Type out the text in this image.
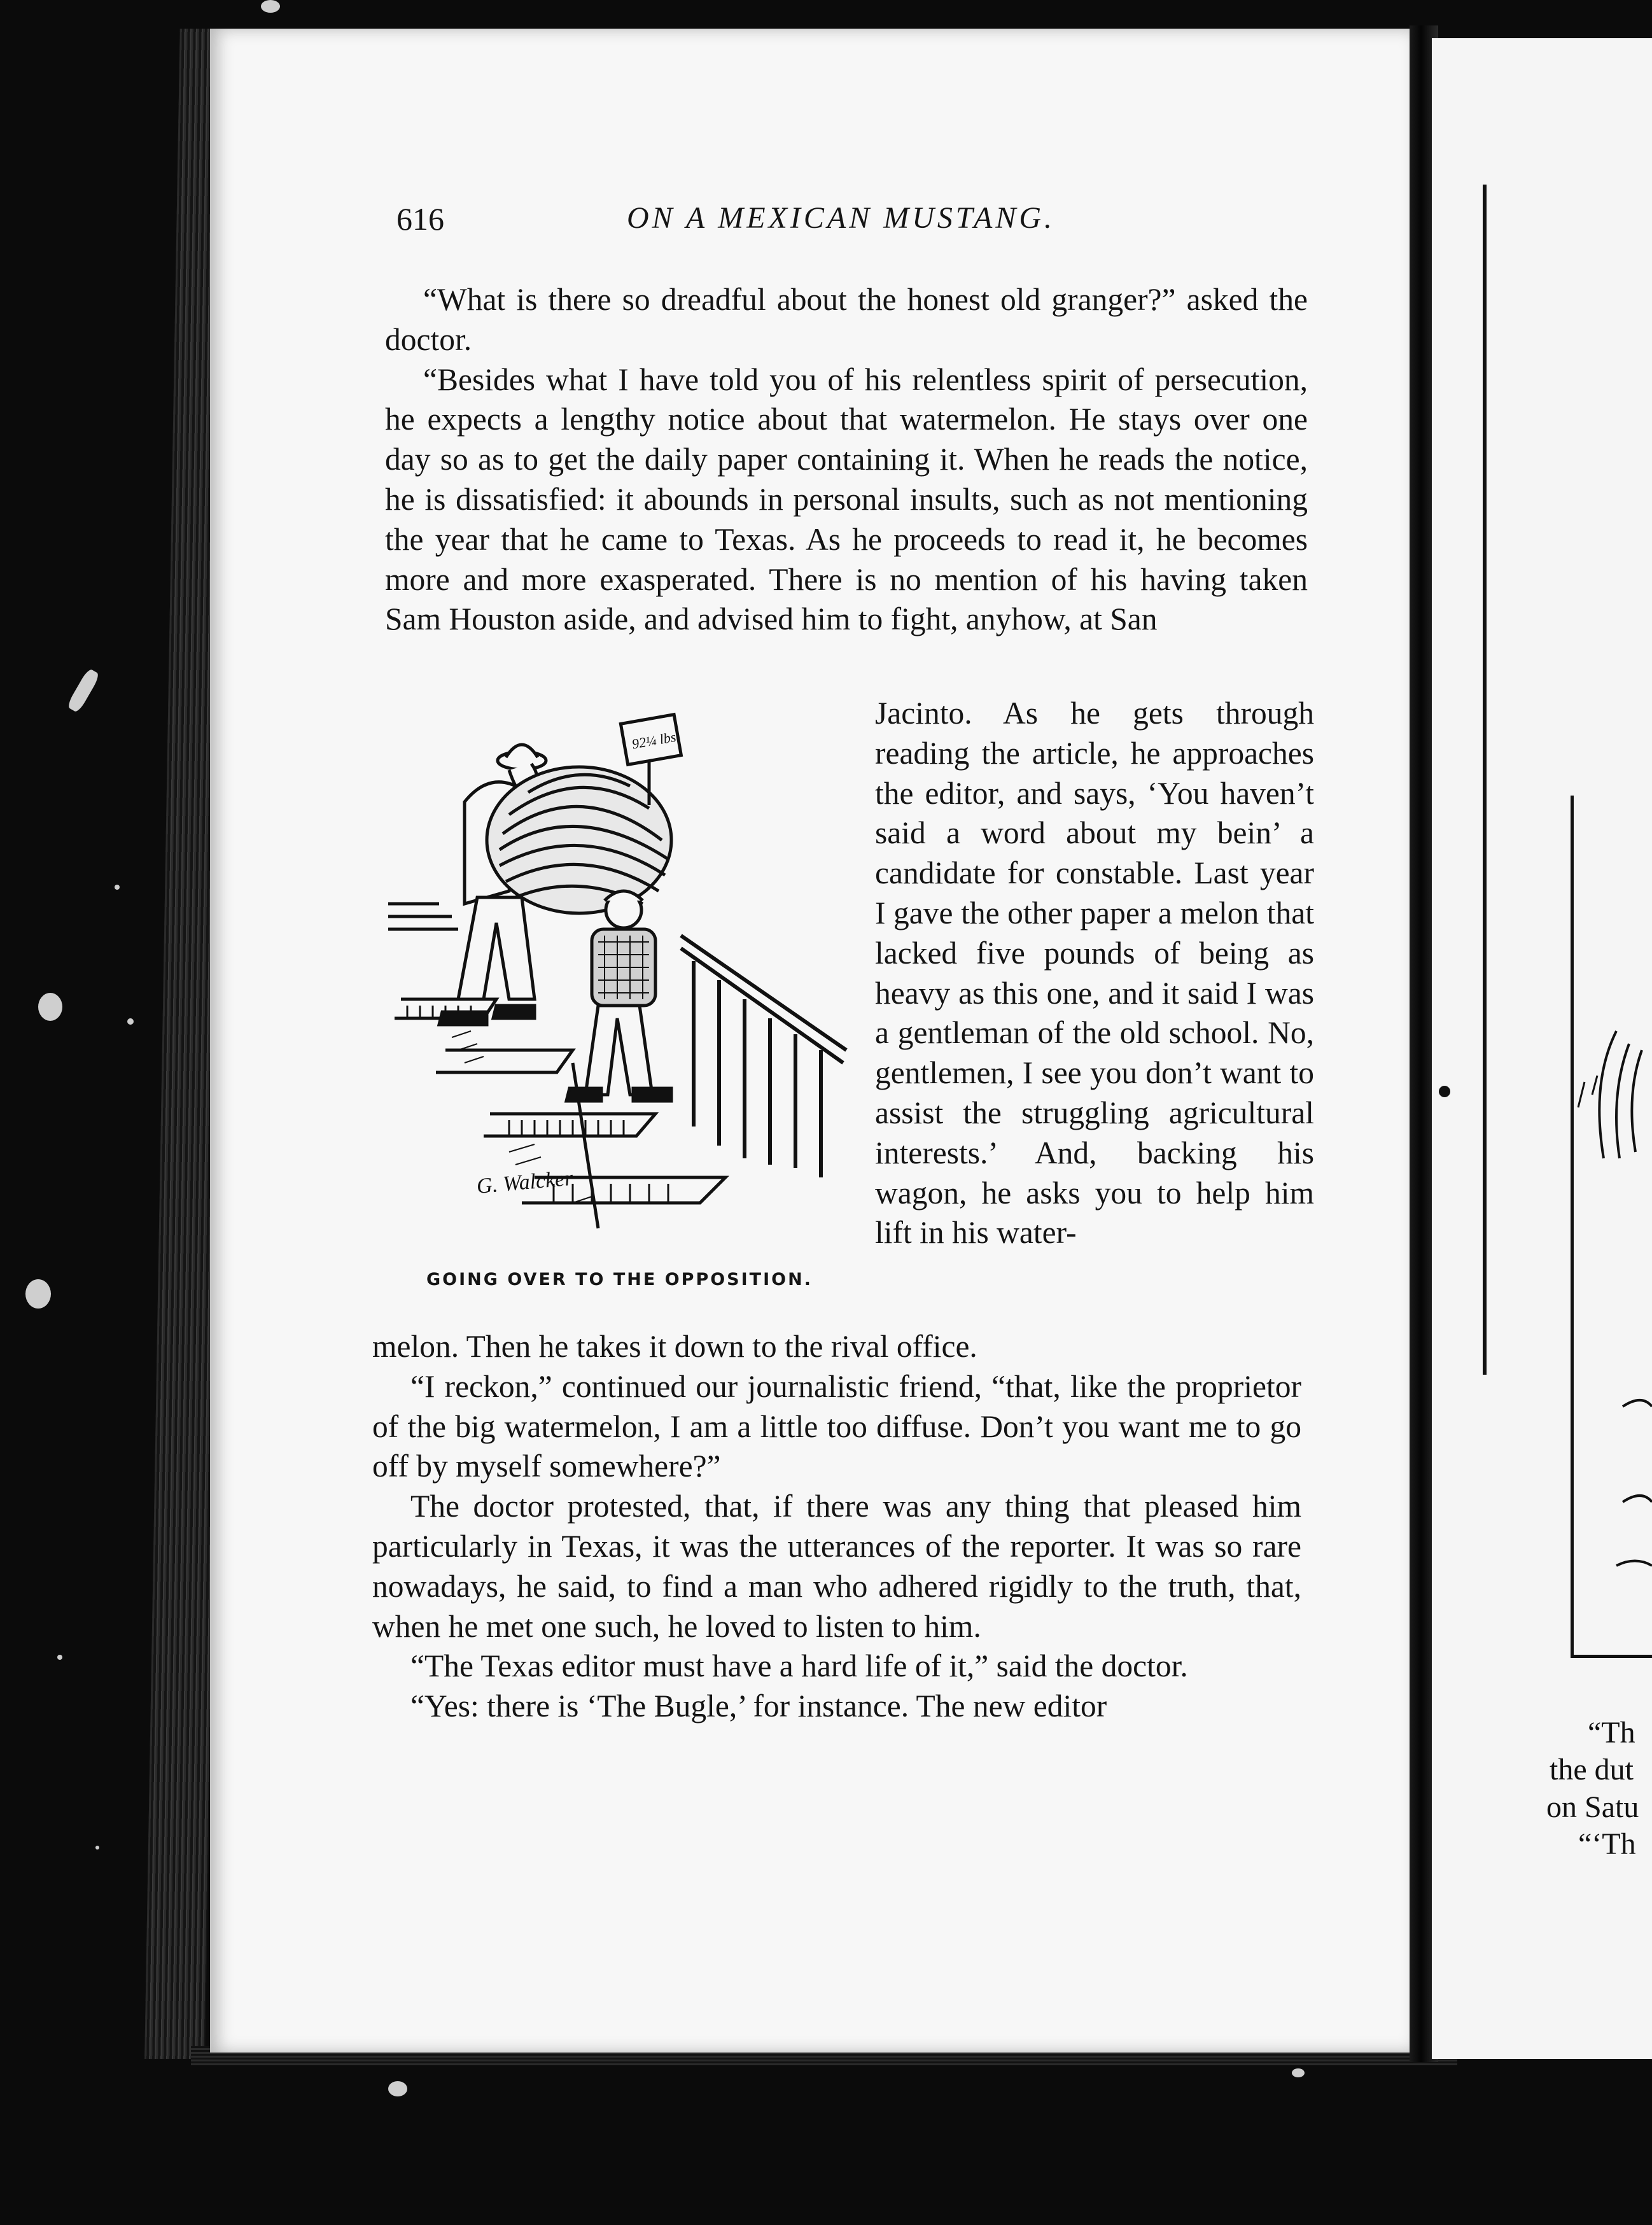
“Th
the dut
on Satu
“‘Th
616	ON A MEXICAN MUSTANG.

“What is there so dreadful about the honest old granger?” asked the doctor.

“Besides what I have told you of his relentless spirit of persecution, he expects a lengthy notice about that watermelon. He stays over one day so as to get the daily paper containing it. When he reads the notice, he is dissatisfied: it abounds in personal insults, such as not mentioning the year that he came to Texas. As he proceeds to read it, he becomes more and more exasperated. There is no mention of his having taken Sam Houston aside, and advised him to fight, anyhow, at San

92¼ lbs
G. Walcker
GOING OVER TO THE OPPOSITION.

Jacinto. As he gets through reading the article, he approaches the editor, and says, ‘You haven’t said a word about my bein’ a candidate for constable. Last year I gave the other paper a melon that lacked five pounds of being as heavy as this one, and it said I was a gentleman of the old school. No, gentlemen, I see you don’t want to assist the struggling agricultural interests.’ And, backing his wagon, he asks you to help him lift in his water-

melon. Then he takes it down to the rival office.

“I reckon,” continued our journalistic friend, “that, like the proprietor of the big watermelon, I am a little too diffuse. Don’t you want me to go off by myself somewhere?”

The doctor protested, that, if there was any thing that pleased him particularly in Texas, it was the utterances of the reporter. It was so rare nowadays, he said, to find a man who adhered rigidly to the truth, that, when he met one such, he loved to listen to him.

“The Texas editor must have a hard life of it,” said the doctor.

“Yes: there is ‘The Bugle,’ for instance. The new editor
